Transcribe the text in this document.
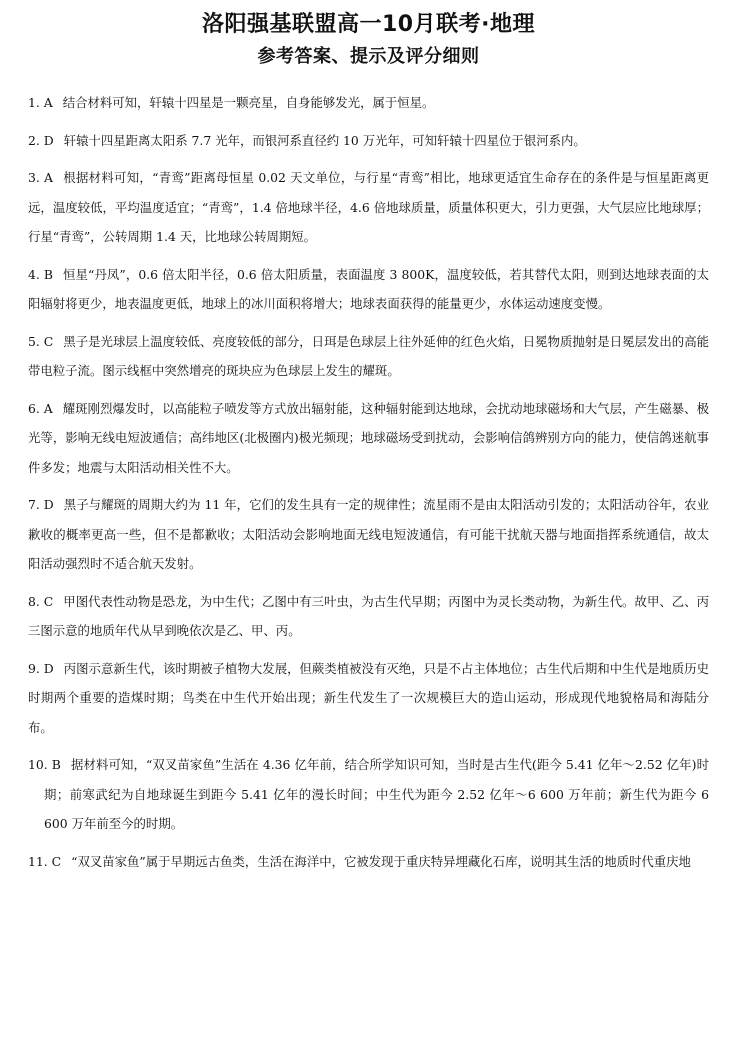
洛阳强基联盟高一10月联考·地理
参考答案、提示及评分细则

1. A 结合材料可知，轩辕十四星是一颗亮星，自身能够发光，属于恒星。

2. D 轩辕十四星距离太阳系 7.7 光年，而银河系直径约 10 万光年，可知轩辕十四星位于银河系内。

3. A 根据材料可知，“青鸾”距离母恒星 0.02 天文单位，与行星“青鸾”相比，地球更适宜生命存在的条件是与恒星距离更远，温度较低，平均温度适宜；“青鸾”，1.4 倍地球半径，4.6 倍地球质量，质量体积更大，引力更强，大气层应比地球厚；行星“青鸾”，公转周期 1.4 天，比地球公转周期短。

4. B 恒星“丹凤”，0.6 倍太阳半径，0.6 倍太阳质量，表面温度 3 800K，温度较低，若其替代太阳，则到达地球表面的太阳辐射将更少，地表温度更低，地球上的冰川面积将增大；地球表面获得的能量更少，水体运动速度变慢。

5. C 黑子是光球层上温度较低、亮度较低的部分，日珥是色球层上往外延伸的红色火焰，日冕物质抛射是日冕层发出的高能带电粒子流。图示线框中突然增亮的斑块应为色球层上发生的耀斑。

6. A 耀斑刚烈爆发时，以高能粒子喷发等方式放出辐射能，这种辐射能到达地球，会扰动地球磁场和大气层，产生磁暴、极光等，影响无线电短波通信；高纬地区(北极圈内)极光频现；地球磁场受到扰动，会影响信鸽辨别方向的能力，使信鸽迷航事件多发；地震与太阳活动相关性不大。

7. D 黑子与耀斑的周期大约为 11 年，它们的发生具有一定的规律性；流星雨不是由太阳活动引发的；太阳活动谷年，农业歉收的概率更高一些，但不是都歉收；太阳活动会影响地面无线电短波通信，有可能干扰航天器与地面指挥系统通信，故太阳活动强烈时不适合航天发射。

8. C 甲图代表性动物是恐龙，为中生代；乙图中有三叶虫，为古生代早期；丙图中为灵长类动物，为新生代。故甲、乙、丙三图示意的地质年代从早到晚依次是乙、甲、丙。

9. D 丙图示意新生代，该时期被子植物大发展，但蕨类植被没有灭绝，只是不占主体地位；古生代后期和中生代是地质历史时期两个重要的造煤时期；鸟类在中生代开始出现；新生代发生了一次规模巨大的造山运动，形成现代地貌格局和海陆分布。

10. B 据材料可知，“双叉苗家鱼”生活在 4.36 亿年前，结合所学知识可知，当时是古生代(距今 5.41 亿年～2.52 亿年)时期；前寒武纪为自地球诞生到距今 5.41 亿年的漫长时间；中生代为距今 2.52 亿年～6 600 万年前；新生代为距今 6 600 万年前至今的时期。

11. C “双叉苗家鱼”属于早期远古鱼类，生活在海洋中，它被发现于重庆特异埋藏化石库，说明其生活的地质时代重庆地
